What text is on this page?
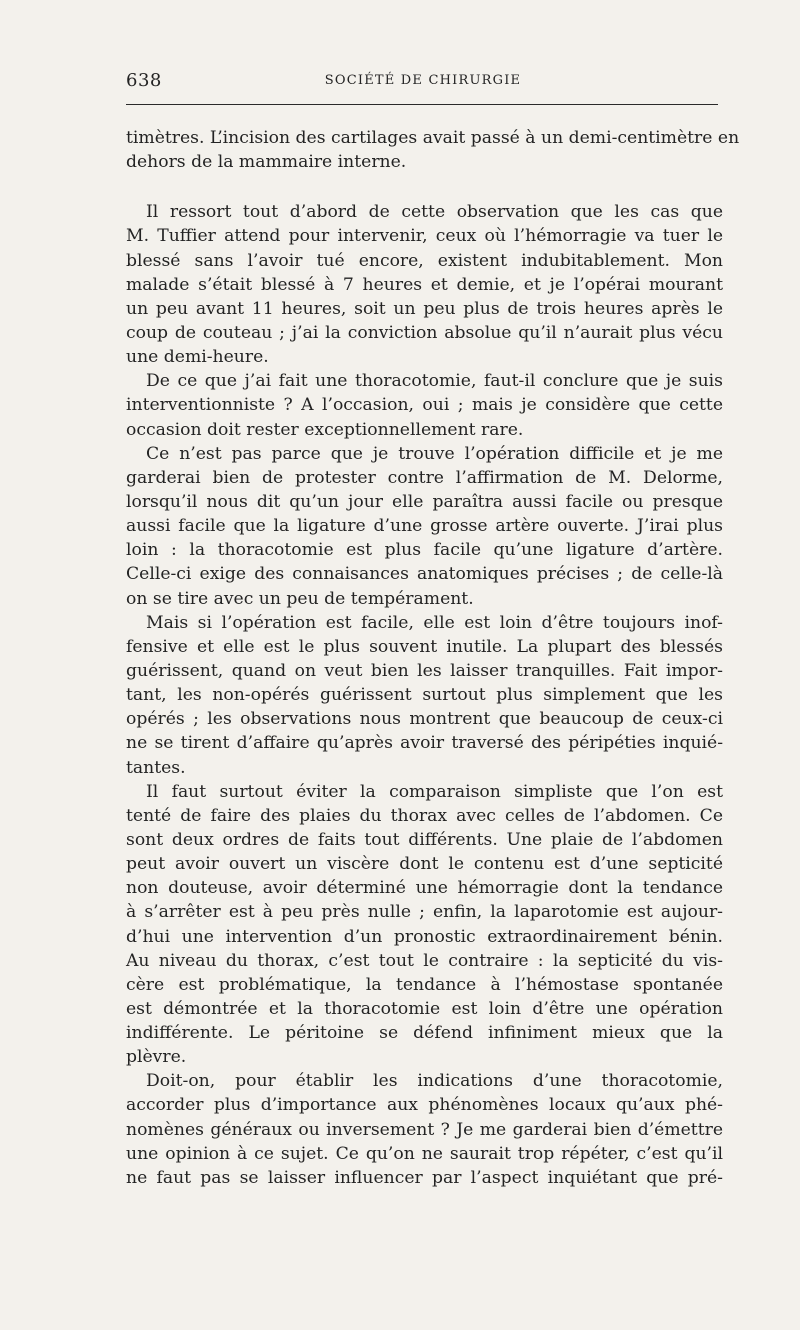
638	SOCIÉTÉ DE CHIRURGIE
timètres. L’incision des cartilages avait passé à un demi-centimètre en
dehors de la mammaire interne.
Il ressort tout d’abord de cette observation que les cas que
M. Tuffier attend pour intervenir, ceux où l’hémorragie va tuer le
blessé sans l’avoir tué encore, existent indubitablement. Mon
malade s’était blessé à 7 heures et demie, et je l’opérai mourant
un peu avant 11 heures, soit un peu plus de trois heures après le
coup de couteau ; j’ai la conviction absolue qu’il n’aurait plus vécu
une demi-heure.
De ce que j’ai fait une thoracotomie, faut-il conclure que je suis
interventionniste ? A l’occasion, oui ; mais je considère que cette
occasion doit rester exceptionnellement rare.
Ce n’est pas parce que je trouve l’opération difficile et je me
garderai bien de protester contre l’affirmation de M. Delorme,
lorsqu’il nous dit qu’un jour elle paraîtra aussi facile ou presque
aussi facile que la ligature d’une grosse artère ouverte. J’irai plus
loin : la thoracotomie est plus facile qu’une ligature d’artère.
Celle-ci exige des connaisances anatomiques précises ; de celle-là
on se tire avec un peu de tempérament.
Mais si l’opération est facile, elle est loin d’être toujours inof-
fensive et elle est le plus souvent inutile. La plupart des blessés
guérissent, quand on veut bien les laisser tranquilles. Fait impor-
tant, les non-opérés guérissent surtout plus simplement que les
opérés ; les observations nous montrent que beaucoup de ceux-ci
ne se tirent d’affaire qu’après avoir traversé des péripéties inquié-
tantes.
Il faut surtout éviter la comparaison simpliste que l’on est
tenté de faire des plaies du thorax avec celles de l’abdomen. Ce
sont deux ordres de faits tout différents. Une plaie de l’abdomen
peut avoir ouvert un viscère dont le contenu est d’une septicité
non douteuse, avoir déterminé une hémorragie dont la tendance
à s’arrêter est à peu près nulle ; enfin, la laparotomie est aujour-
d’hui une intervention d’un pronostic extraordinairement bénin.
Au niveau du thorax, c’est tout le contraire : la septicité du vis-
cère est problématique, la tendance à l’hémostase spontanée
est démontrée et la thoracotomie est loin d’être une opération
indifférente. Le péritoine se défend infiniment mieux que la
plèvre.
Doit-on, pour établir les indications d’une thoracotomie,
accorder plus d’importance aux phénomènes locaux qu’aux phé-
nomènes généraux ou inversement ? Je me garderai bien d’émettre
une opinion à ce sujet. Ce qu’on ne saurait trop répéter, c’est qu’il
ne faut pas se laisser influencer par l’aspect inquiétant que pré-
